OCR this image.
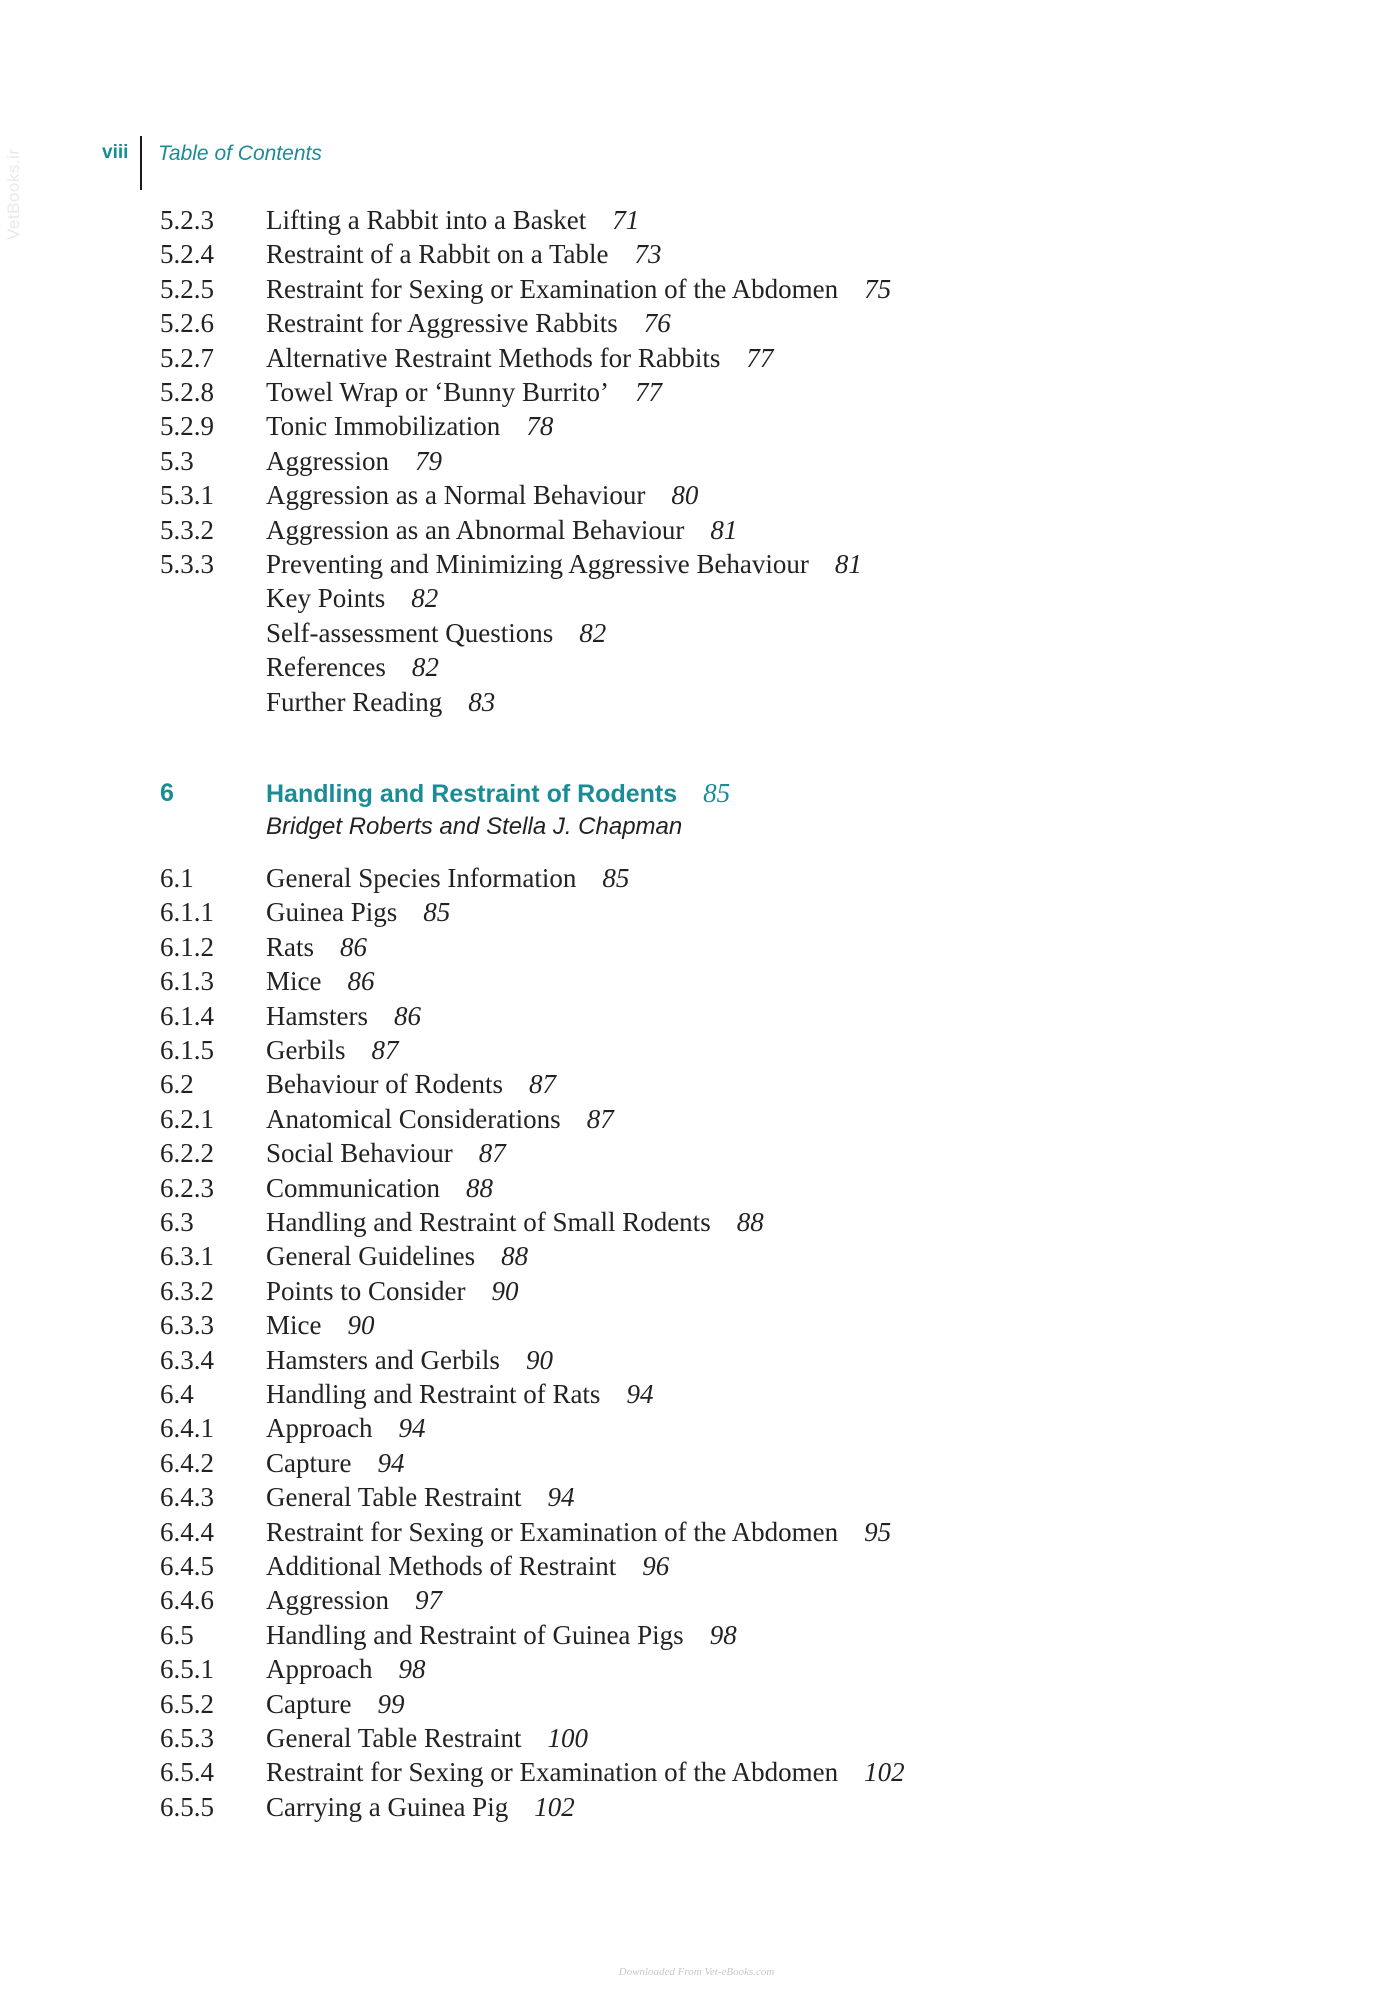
VetBooks.ir	viii Table of Contents
5.2.3 Lifting a Rabbit into a Basket 71
5.2.4 Restraint of a Rabbit on a Table 73
5.2.5 Restraint for Sexing or Examination of the Abdomen 75
5.2.6 Restraint for Aggressive Rabbits 76
5.2.7 Alternative Restraint Methods for Rabbits 77
5.2.8 Towel Wrap or ‘Bunny Burrito’ 77
5.2.9 Tonic Immobilization 78
5.3	Aggression 79
5.3.1 Aggression as a Normal Behaviour 80
5.3.2 Aggression as an Abnormal Behaviour 81
5.3.3 Preventing and Minimizing Aggressive Behaviour 81
Key Points 82
Self-assessment Questions 82
References 82
Further Reading 83
6	Handling and Restraint of Rodents 85
Bridget Roberts and Stella J. Chapman
6.1	General Species Information 85
6.1.1 Guinea Pigs 85
6.1.2 Rats 86
6.1.3 Mice 86
6.1.4 Hamsters 86
6.1.5 Gerbils 87
6.2	Behaviour of Rodents 87
6.2.1 Anatomical Considerations 87
6.2.2 Social Behaviour 87
6.2.3 Communication 88
6.3	Handling and Restraint of Small Rodents 88
6.3.1 General Guidelines 88
6.3.2 Points to Consider 90
6.3.3 Mice 90
6.3.4 Hamsters and Gerbils 90
6.4	Handling and Restraint of Rats 94
6.4.1 Approach 94
6.4.2 Capture 94
6.4.3 General Table Restraint 94
6.4.4 Restraint for Sexing or Examination of the Abdomen 95
6.4.5 Additional Methods of Restraint 96
6.4.6 Aggression 97
6.5	Handling and Restraint of Guinea Pigs 98
6.5.1 Approach 98
6.5.2 Capture 99
6.5.3 General Table Restraint 100
6.5.4 Restraint for Sexing or Examination of the Abdomen 102
6.5.5 Carrying a Guinea Pig 102
Downloaded From Vet-eBooks.com
